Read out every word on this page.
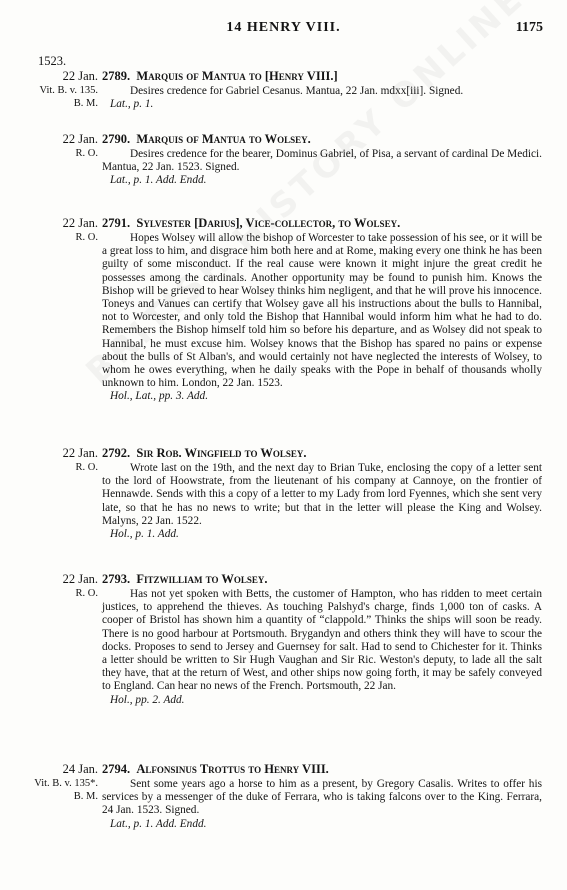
14 HENRY VIII.	1175
1523.
22 Jan.
Vit. B. v. 135.
B. M.
2789. Marquis of Mantua to [Henry VIII.]

Desires credence for Gabriel Cesanus. Mantua, 22 Jan. mdxx[iii]. Signed.

Lat., p. 1.
22 Jan.
R. O.
2790. Marquis of Mantua to Wolsey.

Desires credence for the bearer, Dominus Gabriel, of Pisa, a servant of cardinal De Medici. Mantua, 22 Jan. 1523. Signed.

Lat., p. 1. Add. Endd.
22 Jan.
R. O.
2791. Sylvester [Darius], Vice-collector, to Wolsey.

Hopes Wolsey will allow the bishop of Worcester to take possession of his see, or it will be a great loss to him, and disgrace him both here and at Rome, making every one think he has been guilty of some misconduct. If the real cause were known it might injure the great credit he possesses among the cardinals. Another opportunity may be found to punish him. Knows the Bishop will be grieved to hear Wolsey thinks him negligent, and that he will prove his innocence. Toneys and Vanues can certify that Wolsey gave all his instructions about the bulls to Hannibal, not to Worcester, and only told the Bishop that Hannibal would inform him what he had to do. Remembers the Bishop himself told him so before his departure, and as Wolsey did not speak to Hannibal, he must excuse him. Wolsey knows that the Bishop has spared no pains or expense about the bulls of St Alban's, and would certainly not have neglected the interests of Wolsey, to whom he owes everything, when he daily speaks with the Pope in behalf of thousands wholly unknown to him. London, 22 Jan. 1523.

Hol., Lat., pp. 3. Add.
22 Jan.
R. O.
2792. Sir Rob. Wingfield to Wolsey.

Wrote last on the 19th, and the next day to Brian Tuke, enclosing the copy of a letter sent to the lord of Hoowstrate, from the lieutenant of his company at Cannoye, on the frontier of Hennawde. Sends with this a copy of a letter to my Lady from lord Fyennes, which she sent very late, so that he has no news to write; but that in the letter will please the King and Wolsey. Malyns, 22 Jan. 1522.

Hol., p. 1. Add.
22 Jan.
R. O.
2793. Fitzwilliam to Wolsey.

Has not yet spoken with Betts, the customer of Hampton, who has ridden to meet certain justices, to apprehend the thieves. As touching Palshyd's charge, finds 1,000 ton of casks. A cooper of Bristol has shown him a quantity of “clappold.” Thinks the ships will soon be ready. There is no good harbour at Portsmouth. Brygandyn and others think they will have to scour the docks. Proposes to send to Jersey and Guernsey for salt. Had to send to Chichester for it. Thinks a letter should be written to Sir Hugh Vaughan and Sir Ric. Weston's deputy, to lade all the salt they have, that at the return of West, and other ships now going forth, it may be safely conveyed to England. Can hear no news of the French. Portsmouth, 22 Jan.

Hol., pp. 2. Add.
24 Jan.
Vit. B. v. 135*.
B. M.
2794. Alfonsinus Trottus to Henry VIII.

Sent some years ago a horse to him as a present, by Gregory Casalis. Writes to offer his services by a messenger of the duke of Ferrara, who is taking falcons over to the King. Ferrara, 24 Jan. 1523. Signed.

Lat., p. 1. Add. Endd.
